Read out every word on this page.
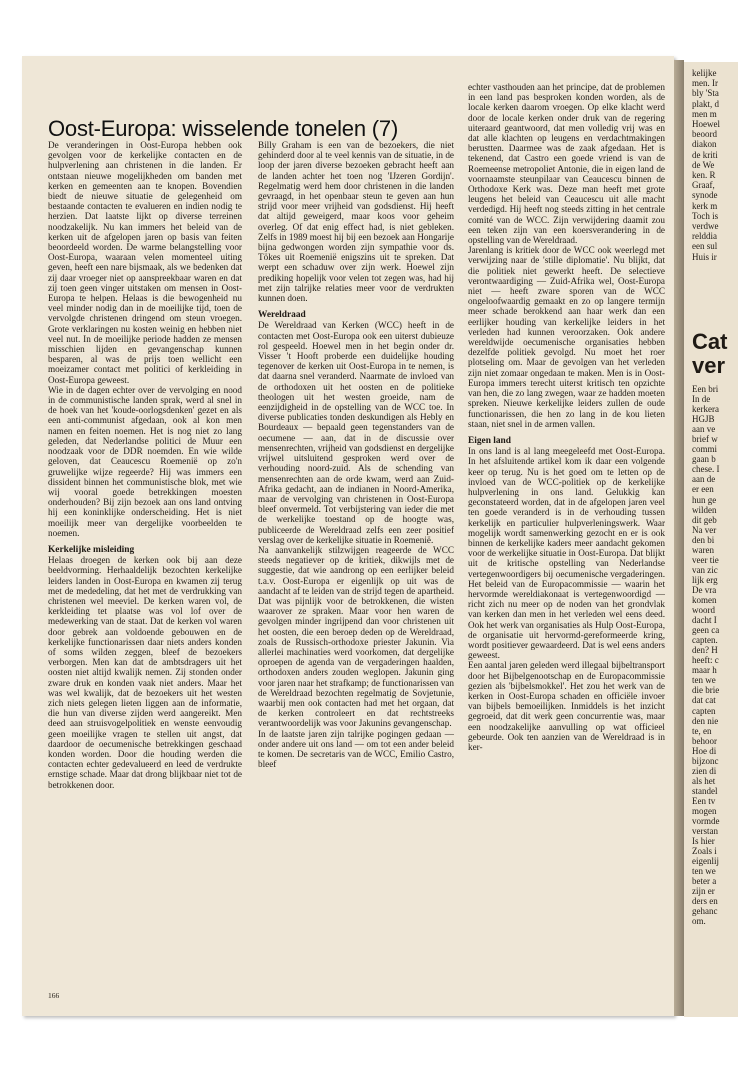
Oost-Europa: wisselende tonelen (7)

De veranderingen in Oost-Europa hebben ook gevolgen voor de kerkelijke contacten en de hulpverlening aan christenen in die landen. Er ontstaan nieuwe mogelijkheden om banden met kerken en gemeenten aan te knopen. Bovendien biedt de nieuwe situatie de gelegenheid om bestaande contacten te evalueren en indien nodig te herzien. Dat laatste lijkt op diverse terreinen noodzakelijk. Nu kan immers het beleid van de kerken uit de afgelopen jaren op basis van feiten beoordeeld worden. De warme belangstelling voor Oost-Europa, waaraan velen momenteel uiting geven, heeft een nare bijsmaak, als we bedenken dat zij daar vroeger niet op aanspreekbaar waren en dat zij toen geen vinger uitstaken om mensen in Oost-Europa te helpen. Helaas is die bewogenheid nu veel minder nodig dan in de moeilijke tijd, toen de vervolgde christenen dringend om steun vroegen. Grote verklaringen nu kosten weinig en hebben niet veel nut. In de moeilijke periode hadden ze mensen misschien lijden en gevangenschap kunnen besparen, al was de prijs toen wellicht een moeizamer contact met politici of kerkleiding in Oost-Europa geweest.

Wie in de dagen echter over de vervolging en nood in de communistische landen sprak, werd al snel in de hoek van het 'koude-oorlogsdenken' gezet en als een anti-communist afgedaan, ook al kon men namen en feiten noemen. Het is nog niet zo lang geleden, dat Nederlandse politici de Muur een noodzaak voor de DDR noemden. En wie wilde geloven, dat Ceaucescu Roemenië op zo'n gruwelijke wijze regeerde? Hij was immers een dissident binnen het communistische blok, met wie wij vooral goede betrekkingen moesten onderhouden? Bij zijn bezoek aan ons land ontving hij een koninklijke onderscheiding. Het is niet moeilijk meer van dergelijke voorbeelden te noemen.

Kerkelijke misleiding

Helaas droegen de kerken ook bij aan deze beeldvorming. Herhaaldelijk bezochten kerkelijke leiders landen in Oost-Europa en kwamen zij terug met de mededeling, dat het met de verdrukking van christenen wel meeviel. De kerken waren vol, de kerkleiding tet plaatse was vol lof over de medewerking van de staat. Dat de kerken vol waren door gebrek aan voldoende gebouwen en de kerkelijke functionarissen daar niets anders konden of soms wilden zeggen, bleef de bezoekers verborgen. Men kan dat de ambtsdragers uit het oosten niet altijd kwalijk nemen. Zij stonden onder zware druk en konden vaak niet anders. Maar het was wel kwalijk, dat de bezoekers uit het westen zich niets gelegen lieten liggen aan de informatie, die hun van diverse zijden werd aangereikt. Men deed aan struisvogelpolitiek en wenste eenvoudig geen moeilijke vragen te stellen uit angst, dat daardoor de oecumenische betrekkingen geschaad konden worden. Door die houding werden die contacten echter gedevalueerd en leed de verdrukte ernstige schade. Maar dat drong blijkbaar niet tot de betrokkenen door.

Billy Graham is een van de bezoekers, die niet gehinderd door al te veel kennis van de situatie, in de loop der jaren diverse bezoeken gebracht heeft aan de landen achter het toen nog 'IJzeren Gordijn'. Regelmatig werd hem door christenen in die landen gevraagd, in het openbaar steun te geven aan hun strijd voor meer vrijheid van godsdienst. Hij heeft dat altijd geweigerd, maar koos voor geheim overleg. Of dat enig effect had, is niet gebleken. Zelfs in 1989 moest hij bij een bezoek aan Hongarije bijna gedwongen worden zijn sympathie voor ds. Tökes uit Roemenië enigszins uit te spreken. Dat werpt een schaduw over zijn werk. Hoewel zijn prediking hopelijk voor velen tot zegen was, had hij met zijn talrijke relaties meer voor de verdrukten kunnen doen.

Wereldraad

De Wereldraad van Kerken (WCC) heeft in de contacten met Oost-Europa ook een uiterst dubieuze rol gespeeld. Hoewel men in het begin onder dr. Visser 't Hooft proberde een duidelijke houding tegenover de kerken uit Oost-Europa in te nemen, is dat daarna snel veranderd. Naarmate de invloed van de orthodoxen uit het oosten en de politieke theologen uit het westen groeide, nam de eenzijdigheid in de opstelling van de WCC toe. In diverse publicaties tonden deskundigen als Hebly en Bourdeaux — bepaald geen tegenstanders van de oecumene — aan, dat in de discussie over mensenrechten, vrijheid van godsdienst en dergelijke vrijwel uitsluitend gesproken werd over de verhouding noord-zuid. Als de schending van mensenrechten aan de orde kwam, werd aan Zuid-Afrika gedacht, aan de indianen in Noord-Amerika, maar de vervolging van christenen in Oost-Europa bleef onvermeld. Tot verbijstering van ieder die met de werkelijke toestand op de hoogte was, publiceerde de Wereldraad zelfs een zeer positief verslag over de kerkelijke situatie in Roemenië.

Na aanvankelijk stilzwijgen reageerde de WCC steeds negatiever op de kritiek, dikwijls met de suggestie, dat wie aandrong op een eerlijker beleid t.a.v. Oost-Europa er eigenlijk op uit was de aandacht af te leiden van de strijd tegen de apartheid. Dat was pijnlijk voor de betrokkenen, die wisten waarover ze spraken. Maar voor hen waren de gevolgen minder ingrijpend dan voor christenen uit het oosten, die een beroep deden op de Wereldraad, zoals de Russisch-orthodoxe priester Jakunin. Via allerlei machinaties werd voorkomen, dat dergelijke oproepen de agenda van de vergaderingen haalden, orthodoxen anders zouden weglopen. Jakunin ging voor jaren naar het strafkamp; de functionarissen van de Wereldraad bezochten regelmatig de Sovjetunie, waarbij men ook contacten had met het orgaan, dat de kerken controleert en dat rechtstreeks verantwoordelijk was voor Jakunins gevangenschap.

In de laatste jaren zijn talrijke pogingen gedaan — onder andere uit ons land — om tot een ander beleid te komen. De secretaris van de WCC, Emilio Castro, bleef

echter vasthouden aan het principe, dat de problemen in een land pas besproken konden worden, als de locale kerken daarom vroegen. Op elke klacht werd door de locale kerken onder druk van de regering uiteraard geantwoord, dat men volledig vrij was en dat alle klachten op leugens en verdachtmakingen berustten. Daarmee was de zaak afgedaan. Het is tekenend, dat Castro een goede vriend is van de Roemeense metropoliet Antonie, die in eigen land de voornaamste steunpilaar van Ceaucescu binnen de Orthodoxe Kerk was. Deze man heeft met grote leugens het beleid van Ceaucescu uit alle macht verdedigd. Hij heeft nog steeds zitting in het centrale comité van de WCC. Zijn verwijdering daamit zou een teken zijn van een koersverandering in de opstelling van de Wereldraad.

Jarenlang is kritiek door de WCC ook weerlegd met verwijzing naar de 'stille diplomatie'. Nu blijkt, dat die politiek niet gewerkt heeft. De selectieve verontwaardiging — Zuid-Afrika wel, Oost-Europa niet — heeft zware sporen van de WCC ongeloofwaardig gemaakt en zo op langere termijn meer schade berokkend aan haar werk dan een eerlijker houding van kerkelijke leiders in het verleden had kunnen veroorzaken. Ook andere wereldwijde oecumenische organisaties hebben dezelfde politiek gevolgd. Nu moet het roer plotseling om. Maar de gevolgen van het verleden zijn niet zomaar ongedaan te maken. Men is in Oost-Europa immers terecht uiterst kritisch ten opzichte van hen, die zo lang zwegen, waar ze hadden moeten spreken. Nieuwe kerkelijke leiders zullen de oude functionarissen, die hen zo lang in de kou lieten staan, niet snel in de armen vallen.

Eigen land

In ons land is al lang meegeleefd met Oost-Europa. In het afsluitende artikel kom ik daar een volgende keer op terug. Nu is het goed om te letten op de invloed van de WCC-politiek op de kerkelijke hulpverlening in ons land. Gelukkig kan geconstateerd worden, dat in de afgelopen jaren veel ten goede veranderd is in de verhouding tussen kerkelijk en particulier hulpverleningswerk. Waar mogelijk wordt samenwerking gezocht en er is ook binnen de kerkelijke kaders meer aandacht gekomen voor de werkelijke situatie in Oost-Europa. Dat blijkt uit de kritische opstelling van Nederlandse vertegenwoordigers bij oecumenische vergaderingen. Het beleid van de Europacommissie — waarin het hervormde wereldiakonaat is vertegenwoordigd — richt zich nu meer op de noden van het grondvlak van kerken dan men in het verleden wel eens deed. Ook het werk van organisaties als Hulp Oost-Europa, de organisatie uit hervormd-gereformeerde kring, wordt positiever gewaardeerd. Dat is wel eens anders geweest.

Een aantal jaren geleden werd illegaal bijbeltransport door het Bijbelgenootschap en de Europacommissie gezien als 'bijbelsmokkel'. Het zou het werk van de kerken in Oost-Europa schaden en officiële invoer van bijbels bemoeilijken. Inmiddels is het inzicht gegroeid, dat dit werk geen concurrentie was, maar een noodzakelijke aanvulling op wat officieel gebeurde. Ook ten aanzien van de Wereldraad is in ker-

166

kelijke

men. Ir

bly 'Sta

plakt, d

men m

Hoewel

beoord

diakon

de kriti

de We

ken. R

Graaf,

synode

kerk m

Toch is

verdwe

relddia

een sul

Huis ir

Cat
ver

Een bri

In de

kerkera

HGJB

aan ve

brief w

commi

gaan b

chese. I

aan de

er een

hun ge

wilden

dit geb

Na ver

den bi

waren

veer tie

van zic

lijk erg

De vra

komen

woord

dacht I

geen ca

capten.

den? H

heeft: c

maar h

ten we

die brie

dat cat

capten

den nie

te, en

behoor

Hoe di

bijzonc

zien di

als het

standel

Een tv

mogen

vormde

verstan

Is hier

Zoals i

eigenlij

ten we

beter a

zijn er

ders en

gehanc

om.
